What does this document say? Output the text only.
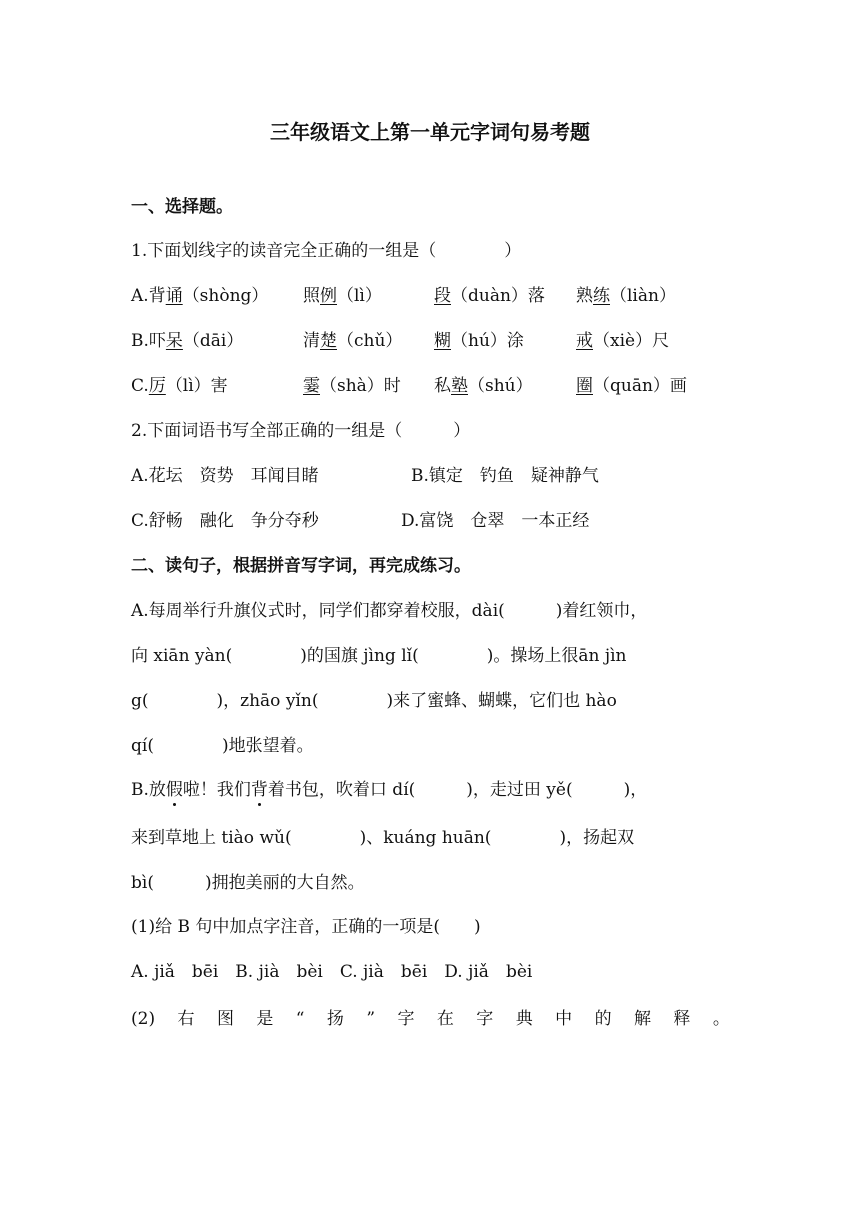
三年级语文上第一单元字词句易考题
一、选择题。
1.下面划线字的读音完全正确的一组是（　　　　）
A.背诵（shòng） 照例（lì）	段（duàn）落 熟练（liàn）
B.吓呆（dāi）	清楚（chǔ） 糊（hú）涂	戒（xiè）尺
C.厉（lì）害	霎（shà）时 私塾（shú）	圈（quān）画
2.下面词语书写全部正确的一组是（　　　）
A.花坛　资势　耳闻目睹	B.镇定　钓鱼　疑神静气
C.舒畅　融化　争分夺秒	D.富饶　仓翠　一本正经
二、读句子，根据拼音写字词，再完成练习。
A.每周举行升旗仪式时，同学们都穿着校服，dài(　　　)着红领巾，
向 xiān yàn(　　　　)的国旗 jìng lǐ(　　　　)。操场上很ān jìn
g(　　　　)，zhāo yǐn(　　　　)来了蜜蜂、蝴蝶，它们也 hào
qí(　　　　)地张望着。
B.放假啦！我们背着书包，吹着口 dí(　　　)，走过田 yě(　　　)，
来到草地上 tiào wǔ(　　　　)、kuáng huān(　　　　)，扬起双
bì(　　　)拥抱美丽的大自然。
(1)给 B 句中加点字注音，正确的一项是(　　)
A. jiǎ　bēi　B. jià　bèi　C. jià　bēi　D. jiǎ　bèi
(2) 右 图 是 “ 扬 ” 字 在 字 典 中 的 解 释 。
